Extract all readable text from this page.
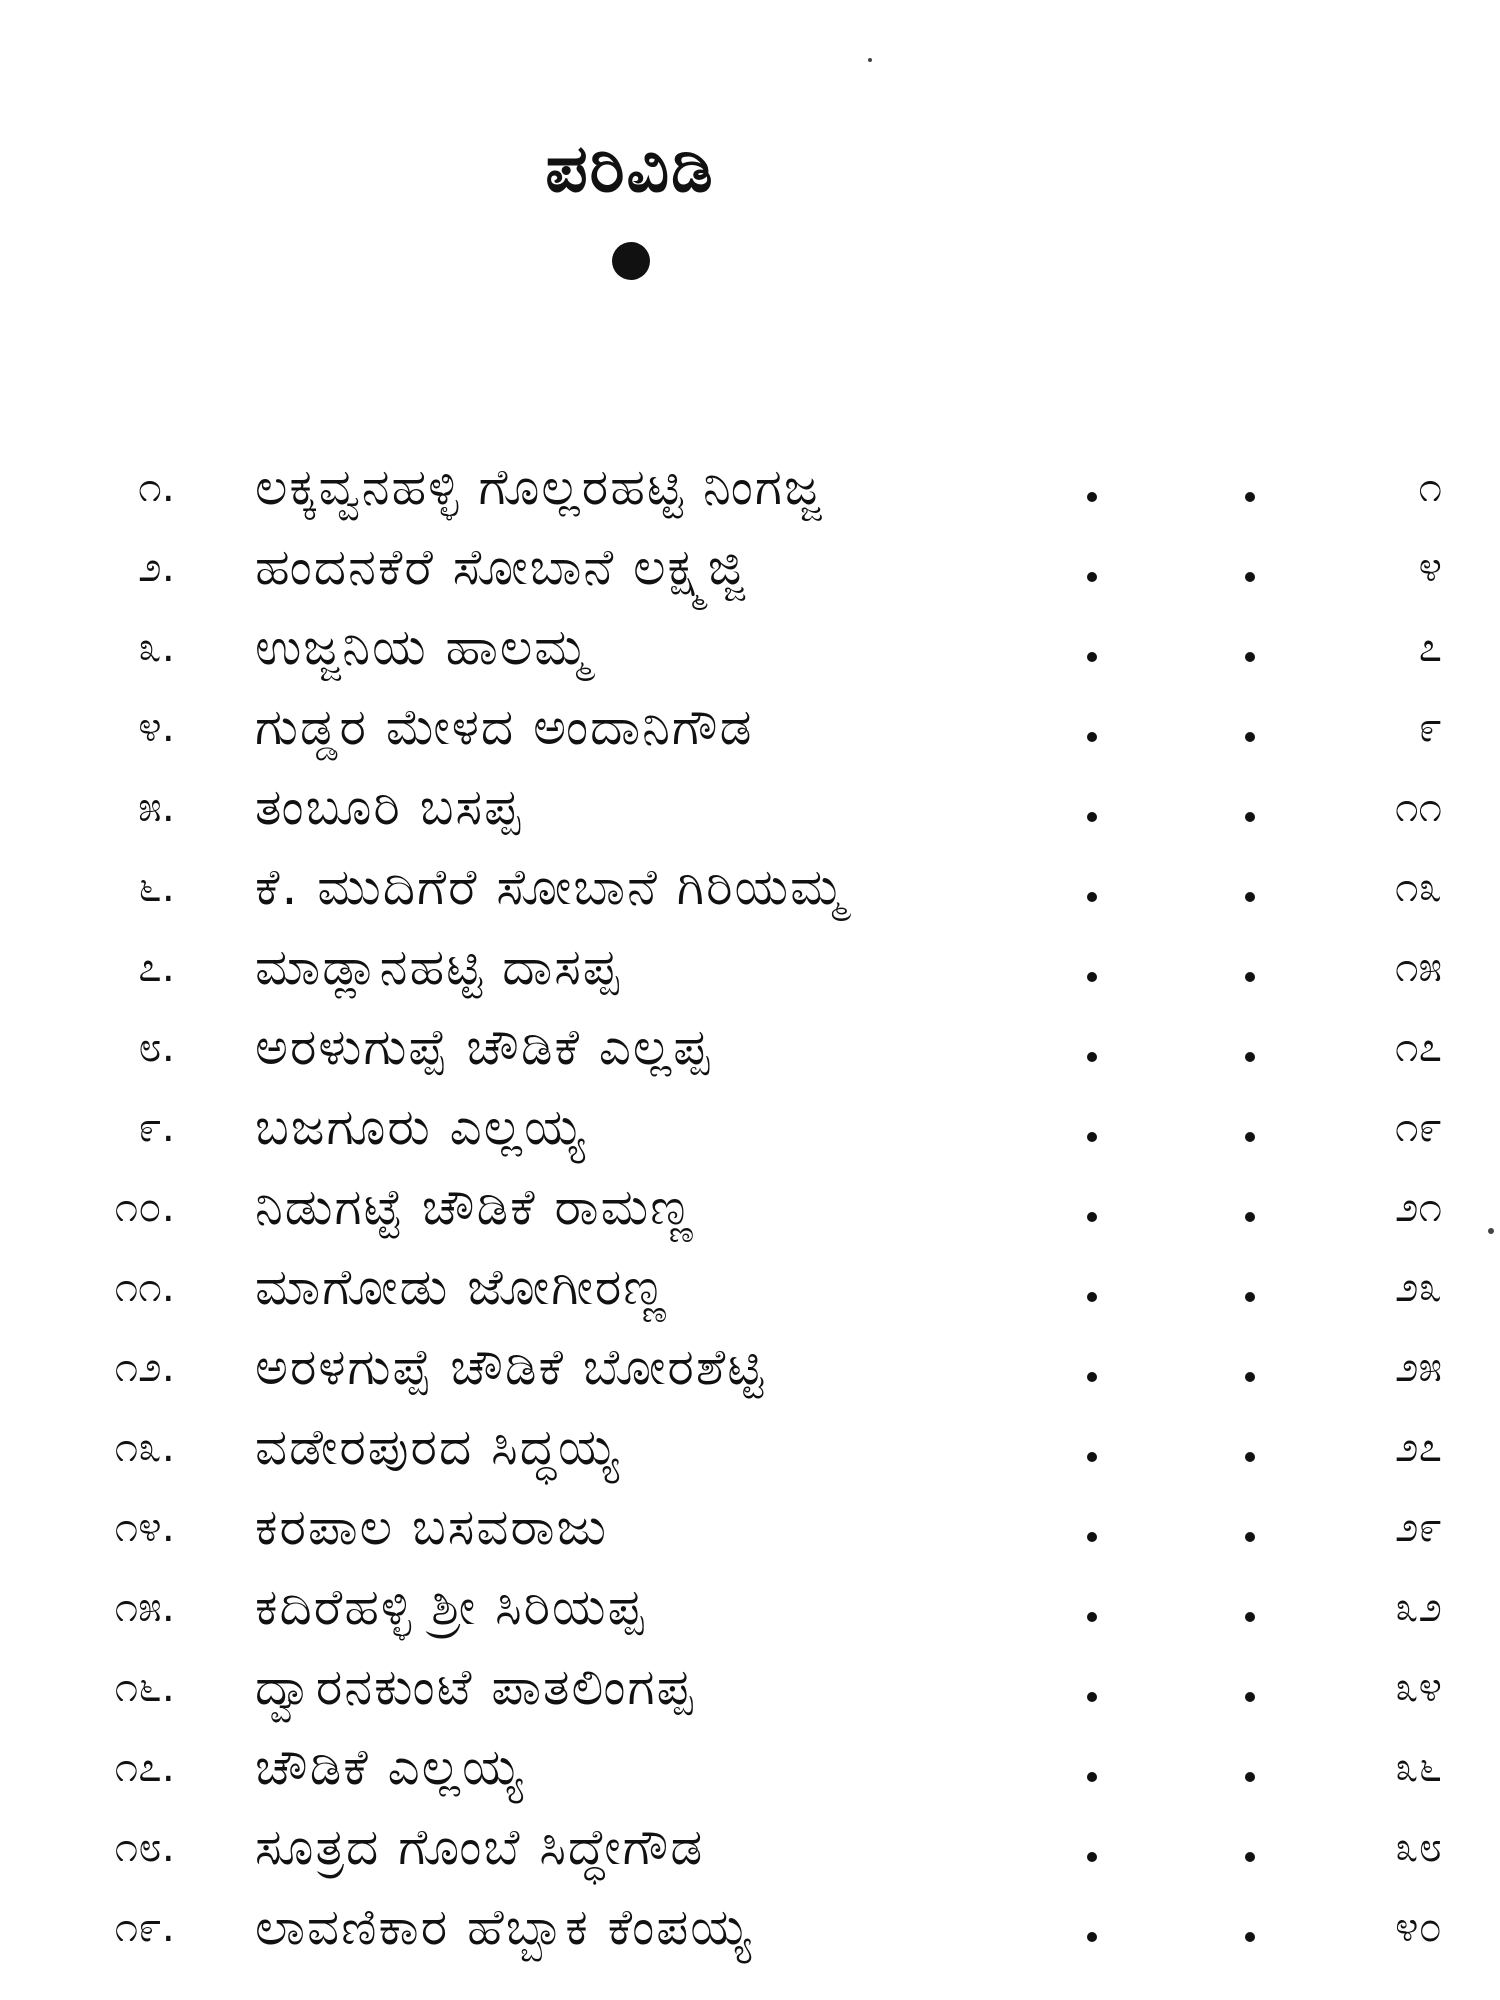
ಪರಿವಿಡಿ
೧. ಲಕ್ಕವ್ವನಹಳ್ಳಿ ಗೊಲ್ಲರಹಟ್ಟಿ ನಿಂಗಜ್ಜ	೧
೨. ಹಂದನಕೆರೆ ಸೋಬಾನೆ ಲಕ್ಷ್ಮಜ್ಜಿ	೪
೩. ಉಜ್ಜನಿಯ ಹಾಲಮ್ಮ	೭
೪. ಗುಡ್ಡರ ಮೇಳದ ಅಂದಾನಿಗೌಡ	೯
೫. ತಂಬೂರಿ ಬಸಪ್ಪ	೧೧
೬. ಕೆ. ಮುದಿಗೆರೆ ಸೋಬಾನೆ ಗಿರಿಯಮ್ಮ	೧೩
೭. ಮಾಡ್ಲಾನಹಟ್ಟಿ ದಾಸಪ್ಪ	೧೫
೮. ಅರಳುಗುಪ್ಪೆ ಚೌಡಿಕೆ ಎಲ್ಲಪ್ಪ	೧೭
೯. ಬಜಗೂರು ಎಲ್ಲಯ್ಯ	೧೯
೧೦. ನಿಡುಗಟ್ಟೆ ಚೌಡಿಕೆ ರಾಮಣ್ಣ	೨೧
೧೧. ಮಾಗೋಡು ಜೋಗೀರಣ್ಣ	೨೩
೧೨. ಅರಳಗುಪ್ಪೆ ಚೌಡಿಕೆ ಬೋರಶೆಟ್ಟಿ	೨೫
೧೩. ವಡೇರಪುರದ ಸಿದ್ಧಯ್ಯ	೨೭
೧೪. ಕರಪಾಲ ಬಸವರಾಜು	೨೯
೧೫. ಕದಿರೆಹಳ್ಳಿ ಶ್ರೀ ಸಿರಿಯಪ್ಪ	೩೨
೧೬. ದ್ವಾರನಕುಂಟೆ ಪಾತಲಿಂಗಪ್ಪ	೩೪
೧೭. ಚೌಡಿಕೆ ಎಲ್ಲಯ್ಯ	೩೬
೧೮. ಸೂತ್ರದ ಗೊಂಬೆ ಸಿದ್ಧೇಗೌಡ	೩೮
೧೯. ಲಾವಣಿಕಾರ ಹೆಬ್ಬಾಕ ಕೆಂಪಯ್ಯ	೪೦
